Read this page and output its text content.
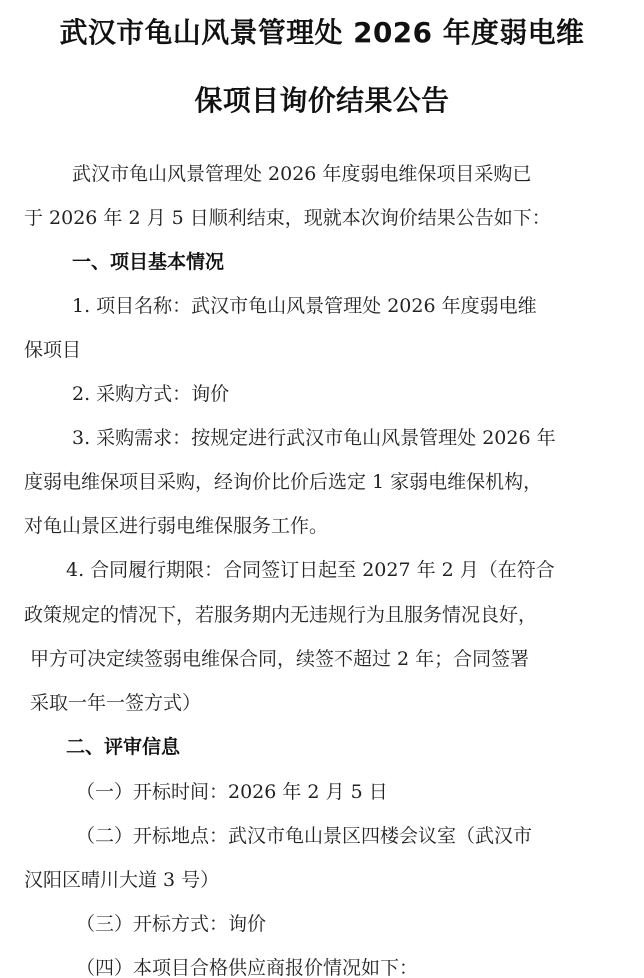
武汉市龟山风景管理处 2026 年度弱电维
保项目询价结果公告
武汉市龟山风景管理处 2026 年度弱电维保项目采购已
于 2026 年 2 月 5 日顺利结束，现就本次询价结果公告如下：
一、项目基本情况
1. 项目名称：武汉市龟山风景管理处 2026 年度弱电维
保项目
2. 采购方式：询价
3. 采购需求：按规定进行武汉市龟山风景管理处 2026 年
度弱电维保项目采购，经询价比价后选定 1 家弱电维保机构，
对龟山景区进行弱电维保服务工作。
4. 合同履行期限：合同签订日起至 2027 年 2 月（在符合
政策规定的情况下，若服务期内无违规行为且服务情况良好，
甲方可决定续签弱电维保合同，续签不超过 2 年；合同签署
采取一年一签方式）
二、评审信息
（一）开标时间：2026 年 2 月 5 日
（二）开标地点：武汉市龟山景区四楼会议室（武汉市
汉阳区晴川大道 3 号）
（三）开标方式：询价
（四）本项目合格供应商报价情况如下：
